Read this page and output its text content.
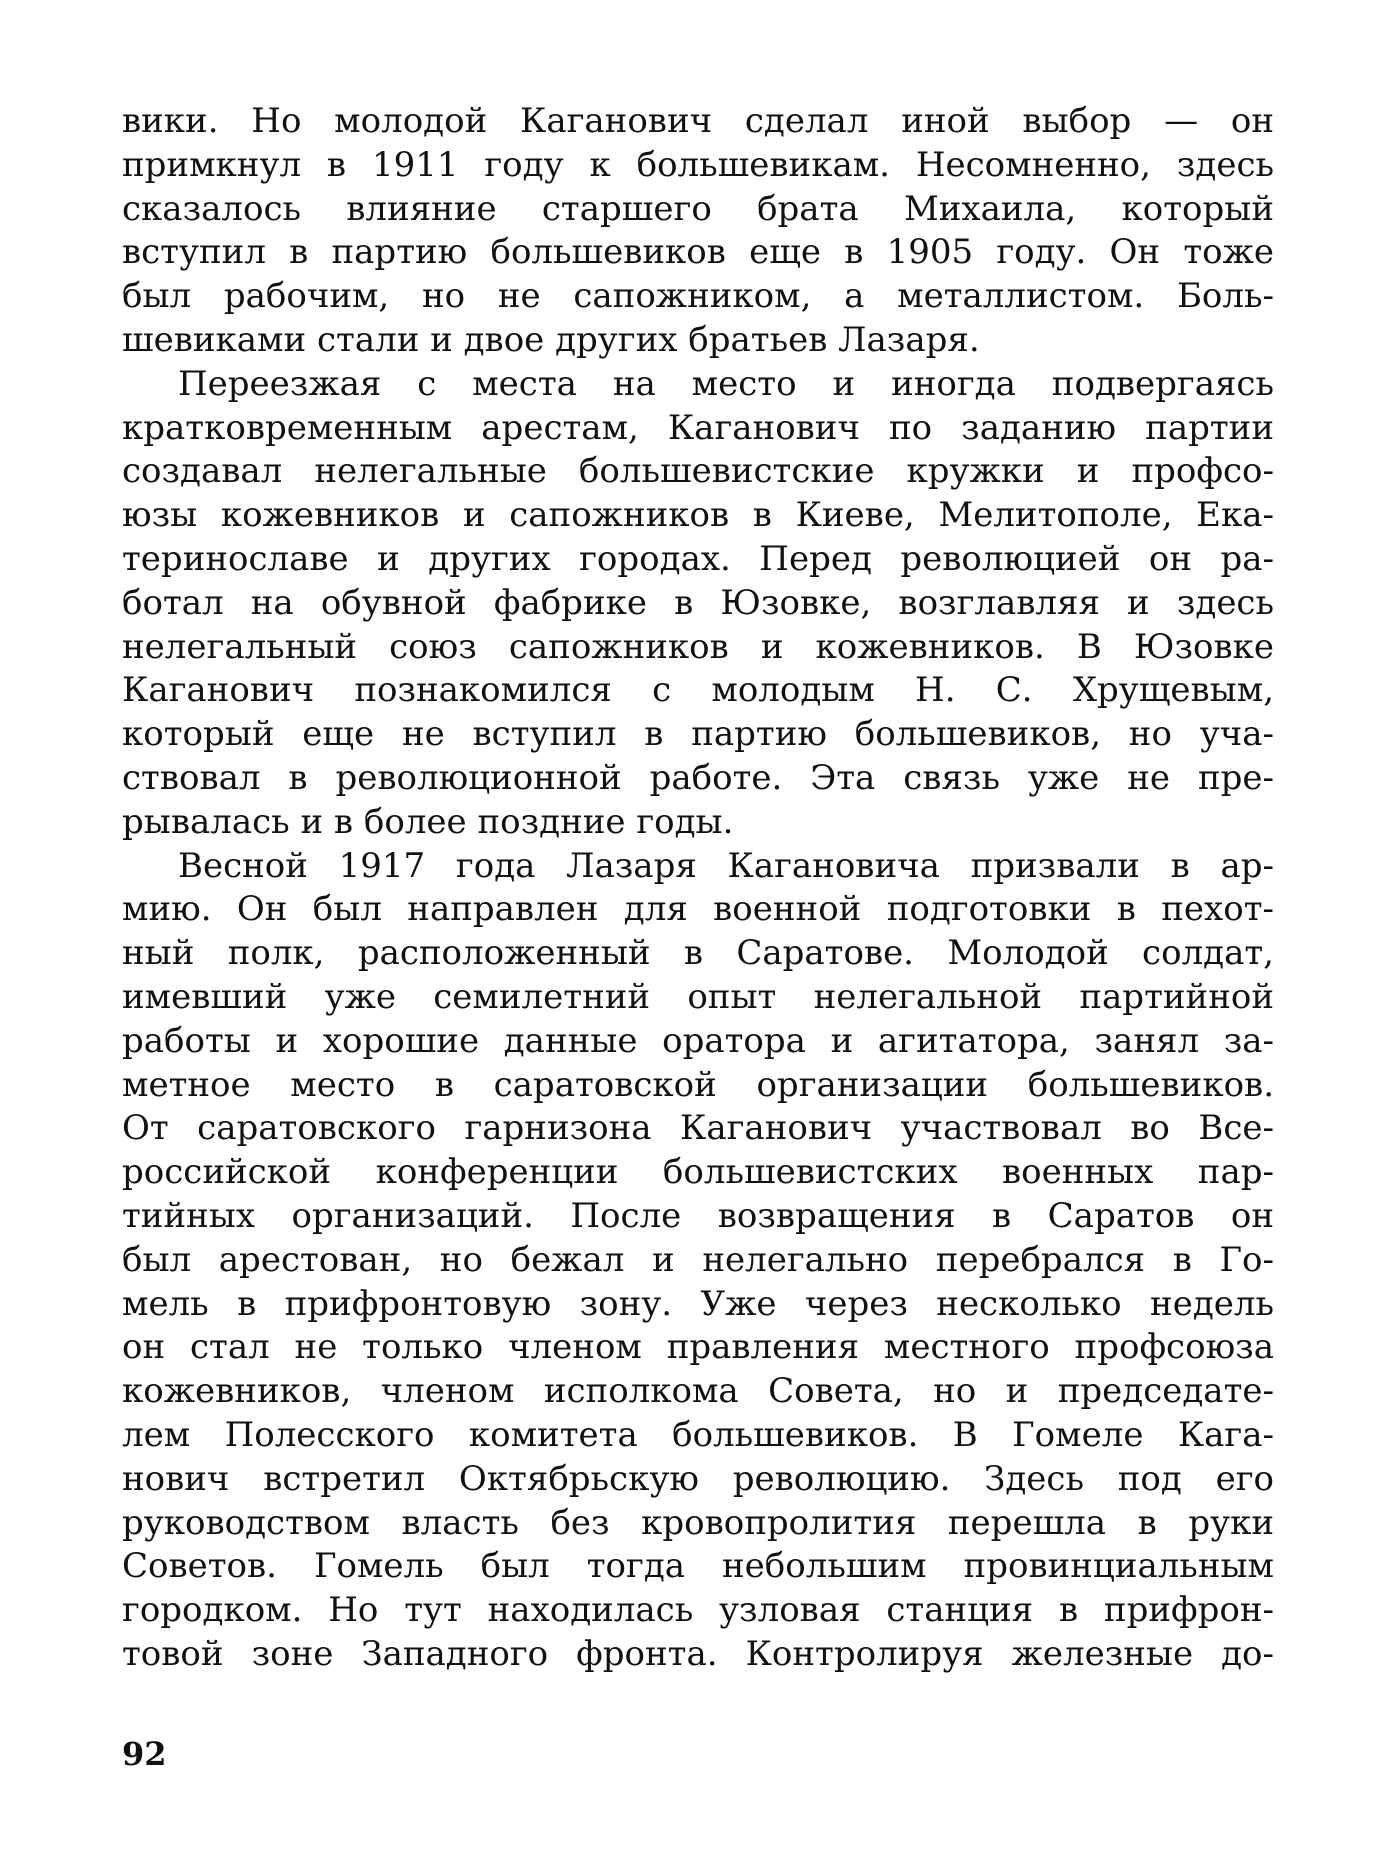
вики. Но молодой Каганович сделал иной выбор — он
примкнул в 1911 году к большевикам. Несомненно, здесь
сказалось влияние старшего брата Михаила, который
вступил в партию большевиков еще в 1905 году. Он тоже
был рабочим, но не сапожником, а металлистом. Боль-
шевиками стали и двое других братьев Лазаря.
Переезжая с места на место и иногда подвергаясь
кратковременным арестам, Каганович по заданию партии
создавал нелегальные большевистские кружки и профсо-
юзы кожевников и сапожников в Киеве, Мелитополе, Ека-
теринославе и других городах. Перед революцией он ра-
ботал на обувной фабрике в Юзовке, возглавляя и здесь
нелегальный союз сапожников и кожевников. В Юзовке
Каганович познакомился с молодым Н. С. Хрущевым,
который еще не вступил в партию большевиков, но уча-
ствовал в революционной работе. Эта связь уже не пре-
рывалась и в более поздние годы.
Весной 1917 года Лазаря Кагановича призвали в ар-
мию. Он был направлен для военной подготовки в пехот-
ный полк, расположенный в Саратове. Молодой солдат,
имевший уже семилетний опыт нелегальной партийной
работы и хорошие данные оратора и агитатора, занял за-
метное место в саратовской организации большевиков.
От саратовского гарнизона Каганович участвовал во Все-
российской конференции большевистских военных пар-
тийных организаций. После возвращения в Саратов он
был арестован, но бежал и нелегально перебрался в Го-
мель в прифронтовую зону. Уже через несколько недель
он стал не только членом правления местного профсоюза
кожевников, членом исполкома Совета, но и председате-
лем Полесского комитета большевиков. В Гомеле Кага-
нович встретил Октябрьскую революцию. Здесь под его
руководством власть без кровопролития перешла в руки
Советов. Гомель был тогда небольшим провинциальным
городком. Но тут находилась узловая станция в прифрон-
товой зоне Западного фронта. Контролируя железные до-

92
